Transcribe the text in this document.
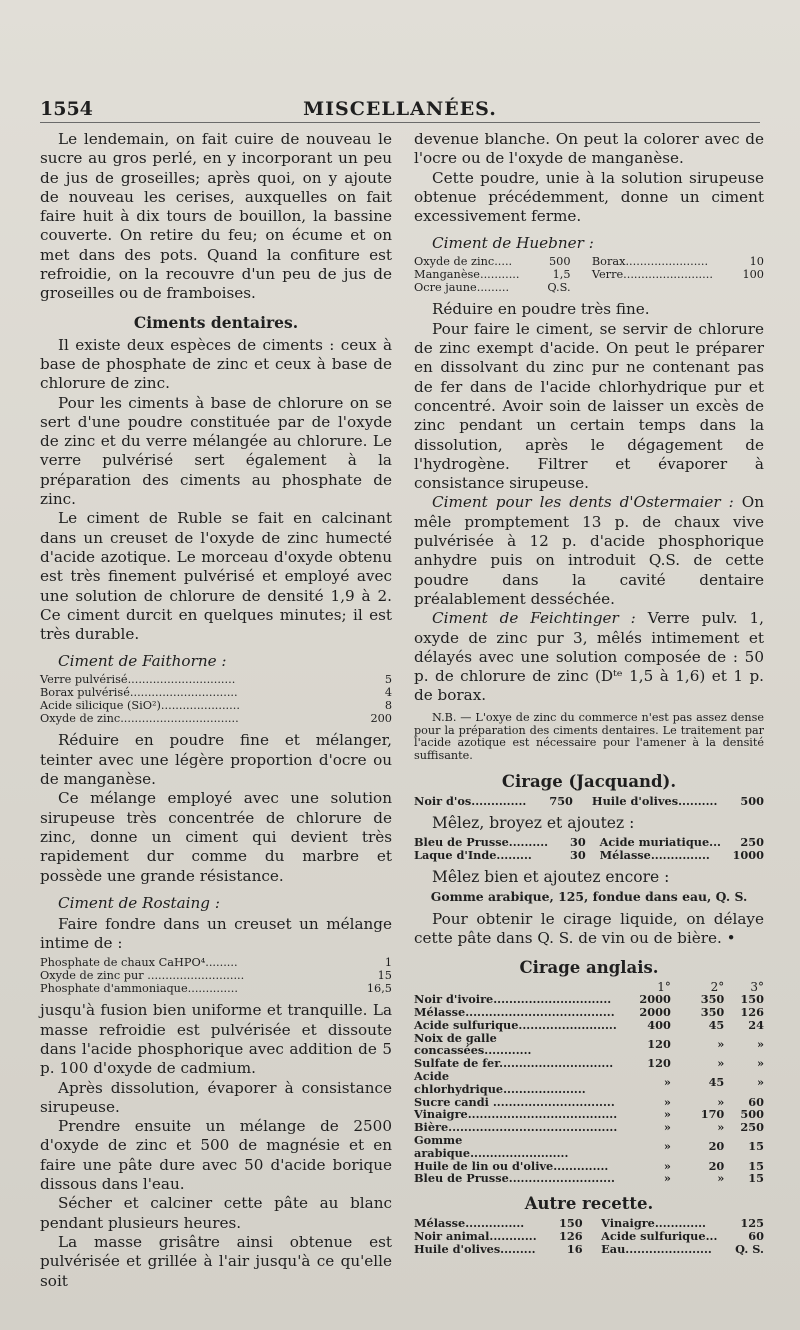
MISCELLANÉES.
1554

Le lendemain, on fait cuire de nouveau le sucre au gros perlé, en y incorporant un peu de jus de groseilles; après quoi, on y ajoute de nouveau les cerises, auxquelles on fait faire huit à dix tours de bouillon, la bassine couverte. On retire du feu; on écume et on met dans des pots. Quand la confiture est refroidie, on la recouvre d'un peu de jus de groseilles ou de framboises.

Ciments dentaires.

Il existe deux espèces de ciments : ceux à base de phosphate de zinc et ceux à base de chlorure de zinc.

Pour les ciments à base de chlorure on se sert d'une poudre constituée par de l'oxyde de zinc et du verre mélangée au chlorure. Le verre pulvérisé sert également à la préparation des ciments au phosphate de zinc.

Le ciment de Ruble se fait en calcinant dans un creuset de l'oxyde de zinc humecté d'acide azotique. Le morceau d'oxyde obtenu est très finement pulvérisé et employé avec une solution de chlorure de densité 1,9 à 2. Ce ciment durcit en quelques minutes; il est très durable.

Ciment de Faithorne :
Verre pulvérisé..............................	5
Borax pulvérisé..............................	4
Acide silicique (SiO²)......................	8
Oxyde de zinc.................................	200

Réduire en poudre fine et mélanger, teinter avec une légère proportion d'ocre ou de manganèse.

Ce mélange employé avec une solution sirupeuse très concentrée de chlorure de zinc, donne un ciment qui devient très rapidement dur comme du marbre et possède une grande résistance.

Ciment de Rostaing :

Faire fondre dans un creuset un mélange intime de :

Phosphate de chaux CaHPO⁴.........	1
Oxyde de zinc pur ...........................	15
Phosphate d'ammoniaque..............	16,5

jusqu'à fusion bien uniforme et tranquille. La masse refroidie est pulvérisée et dissoute dans l'acide phosphorique avec addition de 5 p. 100 d'oxyde de cadmium.

Après dissolution, évaporer à consistance sirupeuse.

Prendre ensuite un mélange de 2500 d'oxyde de zinc et 500 de magnésie et en faire une pâte dure avec 50 d'acide borique dissous dans l'eau.

Sécher et calciner cette pâte au blanc pendant plusieurs heures.

La masse grisâtre ainsi obtenue est pulvérisée et grillée à l'air jusqu'à ce qu'elle soit

devenue blanche. On peut la colorer avec de l'ocre ou de l'oxyde de manganèse.

Cette poudre, unie à la solution sirupeuse obtenue précédemment, donne un ciment excessivement ferme.

Ciment de Huebner :
Oxyde de zinc.....	500		Borax.......................	10
Manganèse...........	1,5		Verre.........................	100
Ocre jaune.........	Q.S.			

Réduire en poudre très fine.

Pour faire le ciment, se servir de chlorure de zinc exempt d'acide. On peut le préparer en dissolvant du zinc pur ne contenant pas de fer dans de l'acide chlorhydrique pur et concentré. Avoir soin de laisser un excès de zinc pendant un certain temps dans la dissolution, après le dégagement de l'hydrogène. Filtrer et évaporer à consistance sirupeuse.

Ciment pour les dents d'Ostermaier : On mêle promptement 13 p. de chaux vive pulvérisée à 12 p. d'acide phosphorique anhydre puis on introduit Q.S. de cette poudre dans la cavité dentaire préalablement desséchée.

Ciment de Feichtinger : Verre pulv. 1, oxyde de zinc pur 3, mêlés intimement et délayés avec une solution composée de : 50 p. de chlorure de zinc (Dᵗᵉ 1,5 à 1,6) et 1 p. de borax.

N.B. — L'oxye de zinc du commerce n'est pas assez dense pour la préparation des ciments dentaires. Le traitement par l'acide azotique est nécessaire pour l'amener à la densité suffisante.
Cirage (Jacquand).
Noir d'os..............	750		Huile d'olives..........	500
Mêlez, broyez et ajoutez :
Bleu de Prusse..........	30		Acide muriatique...	250
Laque d'Inde.........	30		Mélasse...............	1000
Mêlez bien et ajoutez encore :
Gomme arabique, 125, fondue dans eau, Q. S.

Pour obtenir le cirage liquide, on délaye cette pâte dans Q. S. de vin ou de bière. •

Cirage anglais.
	1°	2°	3°
Noir d'ivoire..............................	2000	350	150
Mélasse......................................	2000	350	126
Acide sulfurique.........................	400	45	24
Noix de galle concassées............	120	»	»
Sulfate de fer.............................	120	»	»
Acide chlorhydrique.....................	»	45	»
Sucre candi ...............................	»	»	60
Vinaigre......................................	»	170	500
Bière...........................................	»	»	250
Gomme arabique.........................	»	20	15
Huile de lin ou d'olive..............	»	20	15
Bleu de Prusse...........................	»	»	15
Autre recette.
Mélasse...............	150		Vinaigre.............	125
Noir animal............	126		Acide sulfurique...	60
Huile d'olives.........	16		Eau......................	Q. S.
